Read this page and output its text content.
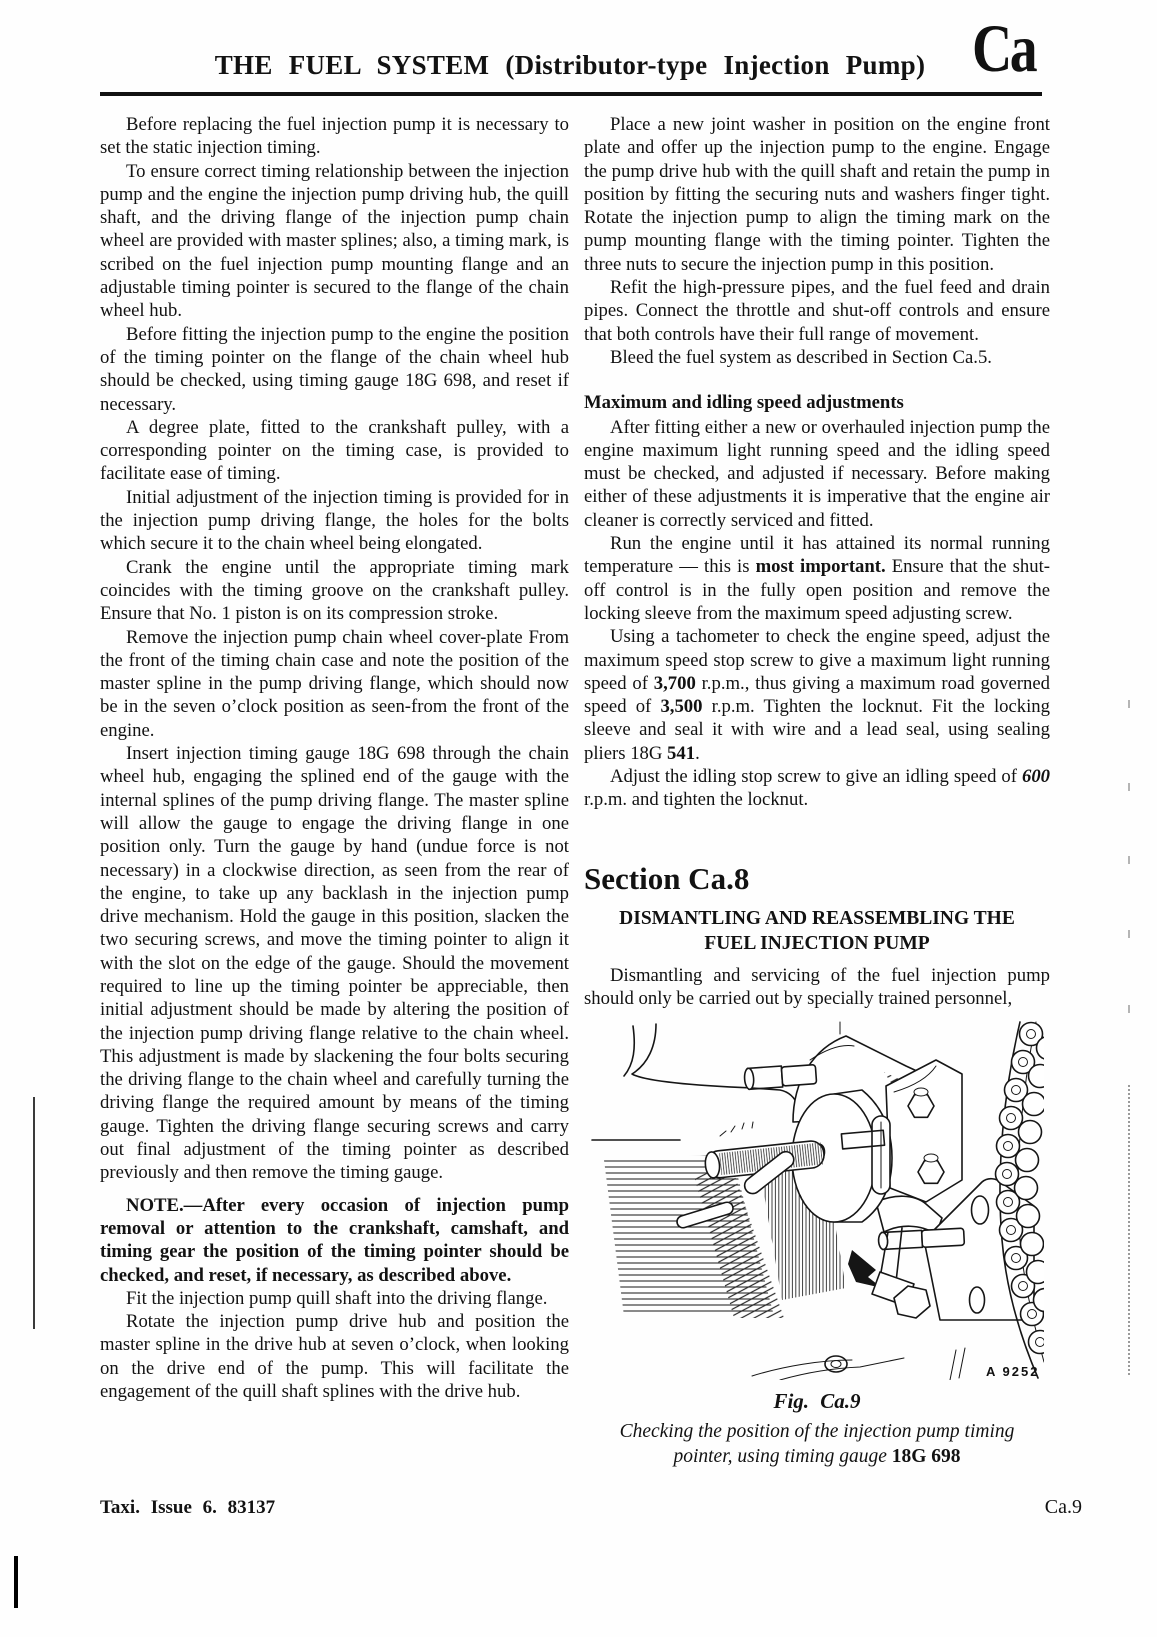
THE FUEL SYSTEM (Distributor-type Injection Pump) Ca

Before replacing the fuel injection pump it is necessary to set the static injection timing.

To ensure correct timing relationship between the injection pump and the engine the injection pump driving hub, the quill shaft, and the driving flange of the injection pump chain wheel are provided with master splines; also, a timing mark, is scribed on the fuel injection pump mounting flange and an adjustable timing pointer is secured to the flange of the chain wheel hub.

Before fitting the injection pump to the engine the position of the timing pointer on the flange of the chain wheel hub should be checked, using timing gauge 18G 698, and reset if necessary.

A degree plate, fitted to the crankshaft pulley, with a corresponding pointer on the timing case, is provided to facilitate ease of timing.

Initial adjustment of the injection timing is provided for in the injection pump driving flange, the holes for the bolts which secure it to the chain wheel being elongated.

Crank the engine until the appropriate timing mark coincides with the timing groove on the crankshaft pulley. Ensure that No. 1 piston is on its compression stroke.

Remove the injection pump chain wheel cover-plate From the front of the timing chain case and note the position of the master spline in the pump driving flange, which should now be in the seven o’clock position as seen-from the front of the engine.

Insert injection timing gauge 18G 698 through the chain wheel hub, engaging the splined end of the gauge with the internal splines of the pump driving flange. The master spline will allow the gauge to engage the driving flange in one position only. Turn the gauge by hand (undue force is not necessary) in a clockwise direction, as seen from the rear of the engine, to take up any backlash in the injection pump drive mechanism. Hold the gauge in this position, slacken the two securing screws, and move the timing pointer to align it with the slot on the edge of the gauge. Should the movement required to line up the timing pointer be appreciable, then initial adjustment should be made by altering the position of the injection pump driving flange relative to the chain wheel. This adjustment is made by slackening the four bolts securing the driving flange to the chain wheel and carefully turning the driving flange the required amount by means of the timing gauge. Tighten the driving flange securing screws and carry out final adjustment of the timing pointer as described previously and then remove the timing gauge.

NOTE.—After every occasion of injection pump removal or attention to the crankshaft, camshaft, and timing gear the position of the timing pointer should be checked, and reset, if necessary, as described above.

Fit the injection pump quill shaft into the driving flange.

Rotate the injection pump drive hub and position the master spline in the drive hub at seven o’clock, when looking on the drive end of the pump. This will facilitate the engagement of the quill shaft splines with the drive hub.

Place a new joint washer in position on the engine front plate and offer up the injection pump to the engine. Engage the pump drive hub with the quill shaft and retain the pump in position by fitting the securing nuts and washers finger tight. Rotate the injection pump to align the timing mark on the pump mounting flange with the timing pointer. Tighten the three nuts to secure the injection pump in this position.

Refit the high-pressure pipes, and the fuel feed and drain pipes. Connect the throttle and shut-off controls and ensure that both controls have their full range of movement.

Bleed the fuel system as described in Section Ca.5.

Maximum and idling speed adjustments

After fitting either a new or overhauled injection pump the engine maximum light running speed and the idling speed must be checked, and adjusted if necessary. Before making either of these adjustments it is imperative that the engine air cleaner is correctly serviced and fitted.

Run the engine until it has attained its normal running temperature — this is most important. Ensure that the shut-off control is in the fully open position and remove the locking sleeve from the maximum speed adjusting screw.

Using a tachometer to check the engine speed, adjust the maximum speed stop screw to give a maximum light running speed of 3,700 r.p.m., thus giving a maximum road governed speed of 3,500 r.p.m. Tighten the locknut. Fit the locking sleeve and seal it with wire and a lead seal, using sealing pliers 18G 541.

Adjust the idling stop screw to give an idling speed of 600 r.p.m. and tighten the locknut.

Section Ca.8
DISMANTLING AND REASSEMBLING THE
FUEL INJECTION PUMP

Dismantling and servicing of the fuel injection pump should only be carried out by specially trained personnel,

A 9252
Fig. Ca.9
Checking the position of the injection pump timing
pointer, using timing gauge 18G 698
Taxi. Issue 6. 83137	Ca.9
